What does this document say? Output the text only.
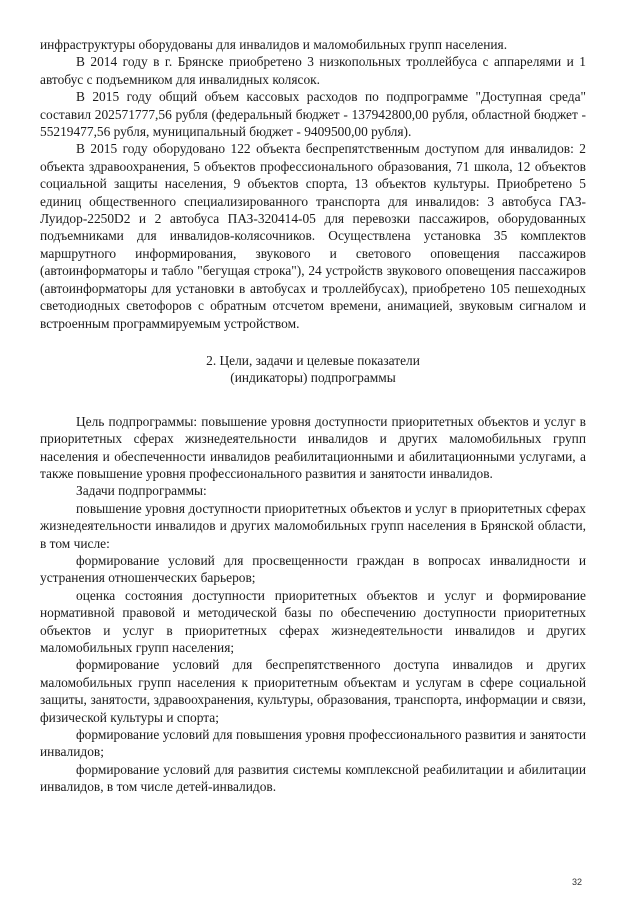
инфраструктуры оборудованы для инвалидов и маломобильных групп населения.

В 2014 году в г. Брянске приобретено 3 низкопольных троллейбуса с аппарелями и 1 автобус с подъемником для инвалидных колясок.

В 2015 году общий объем кассовых расходов по подпрограмме "Доступная среда" составил 202571777,56 рубля (федеральный бюджет - 137942800,00 рубля, областной бюджет - 55219477,56 рубля, муниципальный бюджет - 9409500,00 рубля).

В 2015 году оборудовано 122 объекта беспрепятственным доступом для инвалидов: 2 объекта здравоохранения, 5 объектов профессионального образования, 71 школа, 12 объектов социальной защиты населения, 9 объектов спорта, 13 объектов культуры. Приобретено 5 единиц общественного специализированного транспорта для инвалидов: 3 автобуса ГАЗ-Луидор-2250D2 и 2 автобуса ПАЗ-320414-05 для перевозки пассажиров, оборудованных подъемниками для инвалидов-колясочников. Осуществлена установка 35 комплектов маршрутного информирования, звукового и светового оповещения пассажиров (автоинформаторы и табло "бегущая строка"), 24 устройств звукового оповещения пассажиров (автоинформаторы для установки в автобусах и троллейбусах), приобретено 105 пешеходных светодиодных светофоров с обратным отсчетом времени, анимацией, звуковым сигналом и встроенным программируемым устройством.

2. Цели, задачи и целевые показатели
(индикаторы) подпрограммы

Цель подпрограммы: повышение уровня доступности приоритетных объектов и услуг в приоритетных сферах жизнедеятельности инвалидов и других маломобильных групп населения и обеспеченности инвалидов реабилитационными и абилитационными услугами, а также повышение уровня профессионального развития и занятости инвалидов.

Задачи подпрограммы:

повышение уровня доступности приоритетных объектов и услуг в приоритетных сферах жизнедеятельности инвалидов и других маломобильных групп населения в Брянской области, в том числе:

формирование условий для просвещенности граждан в вопросах инвалидности и устранения отношенческих барьеров;

оценка состояния доступности приоритетных объектов и услуг и формирование нормативной правовой и методической базы по обеспечению доступности приоритетных объектов и услуг в приоритетных сферах жизнедеятельности инвалидов и других маломобильных групп населения;

формирование условий для беспрепятственного доступа инвалидов и других маломобильных групп населения к приоритетным объектам и услугам в сфере социальной защиты, занятости, здравоохранения, культуры, образования, транспорта, информации и связи, физической культуры и спорта;

формирование условий для повышения уровня профессионального развития и занятости инвалидов;

формирование условий для развития системы комплексной реабилитации и абилитации инвалидов, в том числе детей-инвалидов.

32
